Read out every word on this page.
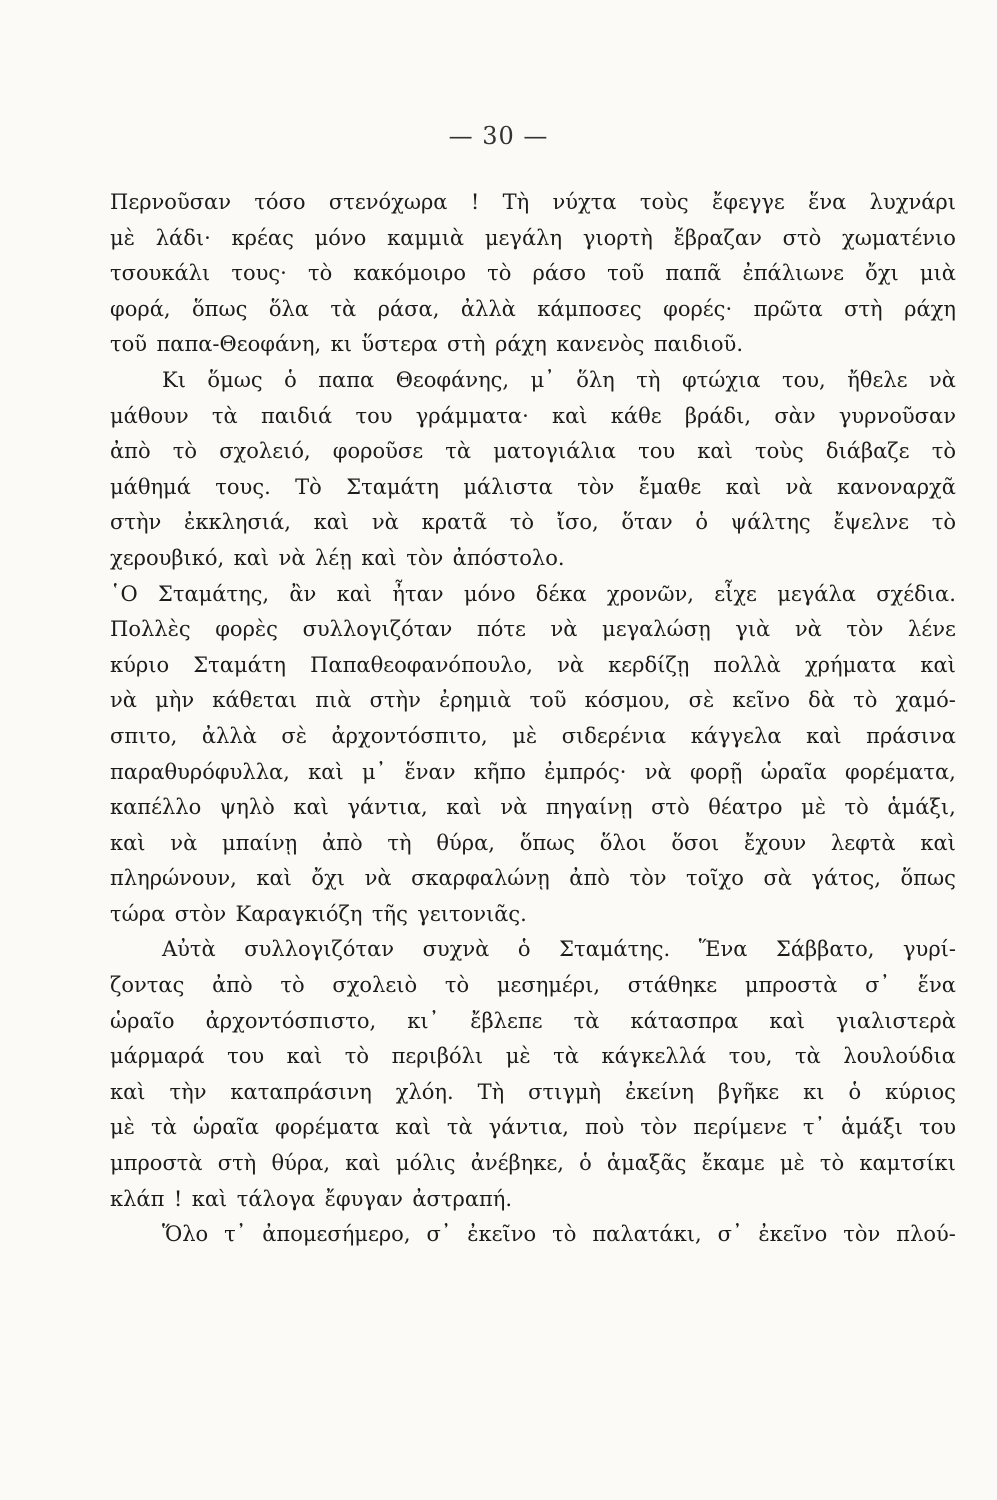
— 30 —
Περνοῦσαν τόσο στενόχωρα ! Τὴ νύχτα τοὺς ἔφεγγε ἕνα λυχνάρι
μὲ λάδι· κρέας μόνο καμμιὰ μεγάλη γιορτὴ ἔβραζαν στὸ χωματένιο
τσουκάλι τους· τὸ κακόμοιρο τὸ ράσο τοῦ παπᾶ ἐπάλιωνε ὄχι μιὰ
φορά, ὅπως ὅλα τὰ ράσα, ἀλλὰ κάμποσες φορές· πρῶτα στὴ ράχη
τοῦ παπα-Θεοφάνη, κι ὕστερα στὴ ράχη κανενὸς παιδιοῦ.
Κι ὅμως ὁ παπα Θεοφάνης, μ᾽ ὅλη τὴ φτώχια του, ἤθελε νὰ
μάθουν τὰ παιδιά του γράμματα· καὶ κάθε βράδι, σὰν γυρνοῦσαν
ἀπὸ τὸ σχολειό, φοροῦσε τὰ ματογιάλια του καὶ τοὺς διάβαζε τὸ
μάθημά τους. Τὸ Σταμάτη μάλιστα τὸν ἔμαθε καὶ νὰ κανοναρχᾶ
στὴν ἐκκλησιά, καὶ νὰ κρατᾶ τὸ ἴσο, ὅταν ὁ ψάλτης ἔψελνε τὸ
χερουβικό, καὶ νὰ λέῃ καὶ τὸν ἀπόστολο.
῾Ο Σταμάτης, ἂν καὶ ἦταν μόνο δέκα χρονῶν, εἶχε μεγάλα σχέδια.
Πολλὲς φορὲς συλλογιζόταν πότε νὰ μεγαλώσῃ γιὰ νὰ τὸν λένε
κύριο Σταμάτη Παπαθεοφανόπουλο, νὰ κερδίζῃ πολλὰ χρήματα καὶ
νὰ μὴν κάθεται πιὰ στὴν ἐρημιὰ τοῦ κόσμου, σὲ κεῖνο δὰ τὸ χαμό-
σπιτο, ἀλλὰ σὲ ἀρχοντόσπιτο, μὲ σιδερένια κάγγελα καὶ πράσινα
παραθυρόφυλλα, καὶ μ᾽ ἕναν κῆπο ἐμπρός· νὰ φορῇ ὡραῖα φορέματα,
καπέλλο ψηλὸ καὶ γάντια, καὶ νὰ πηγαίνῃ στὸ θέατρο μὲ τὸ ἁμάξι,
καὶ νὰ μπαίνῃ ἀπὸ τὴ θύρα, ὅπως ὅλοι ὅσοι ἔχουν λεφτὰ καὶ
πληρώνουν, καὶ ὄχι νὰ σκαρφαλώνῃ ἀπὸ τὸν τοῖχο σὰ γάτος, ὅπως
τώρα στὸν Καραγκιόζη τῆς γειτονιᾶς.
Αὐτὰ συλλογιζόταν συχνὰ ὁ Σταμάτης. Ἕνα Σάββατο, γυρί-
ζοντας ἀπὸ τὸ σχολειὸ τὸ μεσημέρι, στάθηκε μπροστὰ σ᾽ ἕνα
ὡραῖο ἀρχοντόσπιστο, κι᾽ ἔβλεπε τὰ κάτασπρα καὶ γιαλιστερὰ
μάρμαρά του καὶ τὸ περιβόλι μὲ τὰ κάγκελλά του, τὰ λουλούδια
καὶ τὴν καταπράσινη χλόη. Τὴ στιγμὴ ἐκείνη βγῆκε κι ὁ κύριος
μὲ τὰ ὡραῖα φορέματα καὶ τὰ γάντια, ποὺ τὸν περίμενε τ᾽ ἁμάξι του
μπροστὰ στὴ θύρα, καὶ μόλις ἀνέβηκε, ὁ ἁμαξᾶς ἔκαμε μὲ τὸ καμτσίκι
κλάπ ! καὶ τάλογα ἔφυγαν ἀστραπή.
Ὅλο τ᾽ ἀπομεσήμερο, σ᾽ ἐκεῖνο τὸ παλατάκι, σ᾽ ἐκεῖνο τὸν πλού-
